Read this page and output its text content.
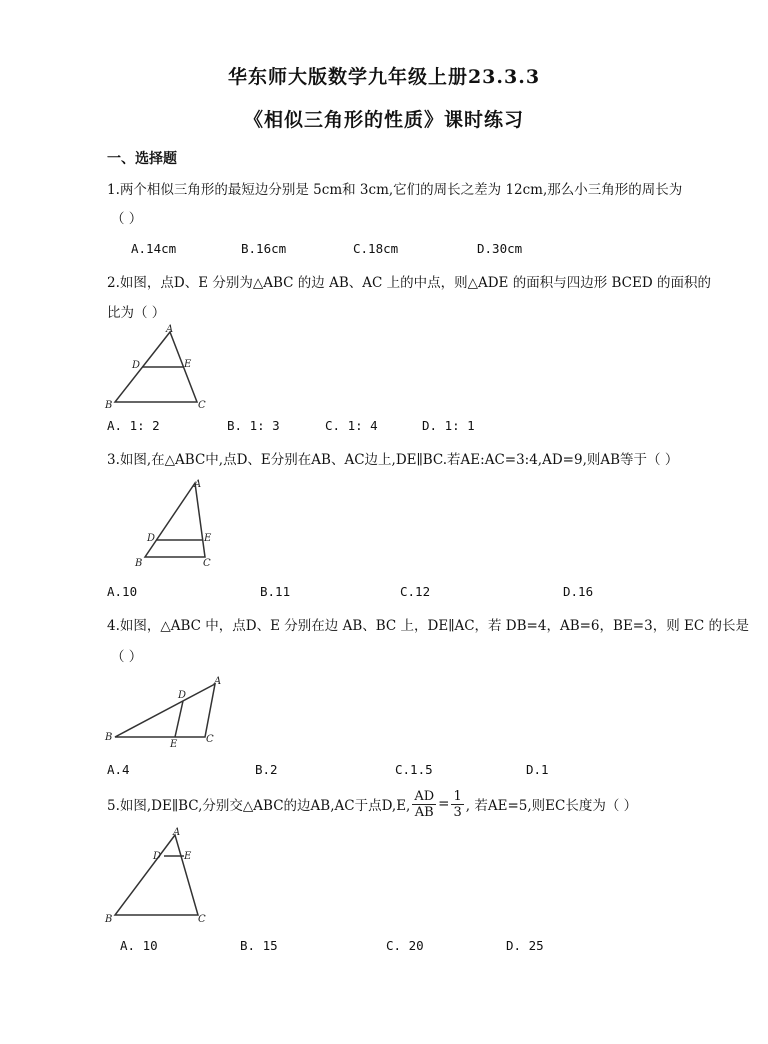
华东师大版数学九年级上册23.3.3
《相似三角形的性质》课时练习
一、选择题
1.两个相似三角形的最短边分别是 5cm和 3cm,它们的周长之差为 12cm,那么小三角形的周长为
（ ）
A.14cm	B.16cm	C.18cm	D.30cm
2.如图，点D、E 分别为△ABC 的边 AB、AC 上的中点，则△ADE 的面积与四边形 BCED 的面积的
比为（ ）
A
D	E
B	C
A. 1: 2	B. 1: 3	C. 1: 4	D. 1: 1
3.如图,在△ABC中,点D、E分别在AB、AC边上,DE∥BC.若AE:AC=3:4,AD=9,则AB等于（ ）
A
D	E
B	C
A.10	B.11	C.12	D.16
4.如图，△ABC 中，点D、E 分别在边 AB、BC 上，DE∥AC，若 DB=4，AB=6，BE=3，则 EC 的长是
（ ）
A
D
B
E	C
A.4	B.2	C.1.5	D.1
5.如图,DE∥BC,分别交△ABC的边AB,AC于点D,E, $\frac{AD}{AB} = \frac{1}{3}$ , 若AE=5,则EC长度为（ ）
A
D E
B	C
A. 10	B. 15	C. 20	D. 25
